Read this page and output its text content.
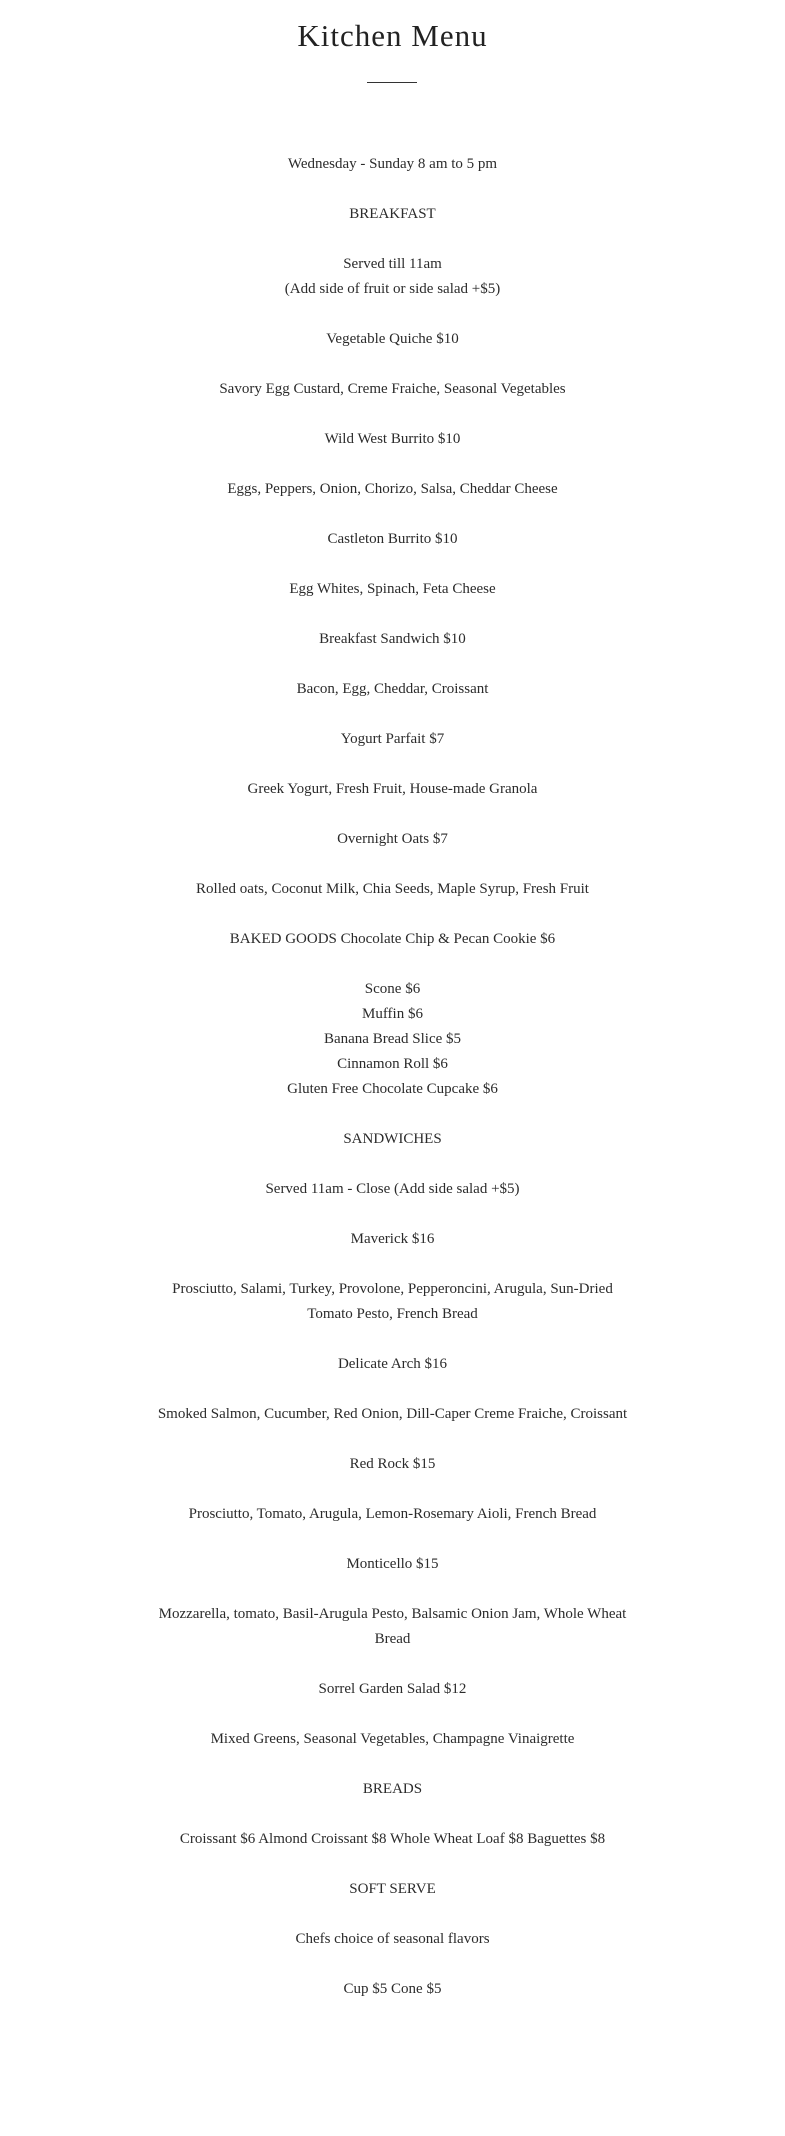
Kitchen Menu

Wednesday - Sunday 8 am to 5 pm

BREAKFAST

Served till 11am
(Add side of fruit or side salad +$5)

Vegetable Quiche $10

Savory Egg Custard, Creme Fraiche, Seasonal Vegetables

Wild West Burrito $10

Eggs, Peppers, Onion, Chorizo, Salsa, Cheddar Cheese

Castleton Burrito $10

Egg Whites, Spinach, Feta Cheese

Breakfast Sandwich $10

Bacon, Egg, Cheddar, Croissant

Yogurt Parfait $7

Greek Yogurt, Fresh Fruit, House-made Granola

Overnight Oats $7

Rolled oats, Coconut Milk, Chia Seeds, Maple Syrup, Fresh Fruit

BAKED GOODS Chocolate Chip & Pecan Cookie $6

Scone $6
Muffin $6
Banana Bread Slice $5
Cinnamon Roll $6
Gluten Free Chocolate Cupcake $6

SANDWICHES

Served 11am - Close (Add side salad +$5)

Maverick $16

Prosciutto, Salami, Turkey, Provolone, Pepperoncini, Arugula, Sun-Dried Tomato Pesto, French Bread

Delicate Arch $16

Smoked Salmon, Cucumber, Red Onion, Dill-Caper Creme Fraiche, Croissant

Red Rock $15

Prosciutto, Tomato, Arugula, Lemon-Rosemary Aioli, French Bread

Monticello $15

Mozzarella, tomato, Basil-Arugula Pesto, Balsamic Onion Jam, Whole Wheat Bread

Sorrel Garden Salad $12

Mixed Greens, Seasonal Vegetables, Champagne Vinaigrette

BREADS

Croissant $6 Almond Croissant $8 Whole Wheat Loaf $8 Baguettes $8

SOFT SERVE

Chefs choice of seasonal flavors

Cup $5 Cone $5
